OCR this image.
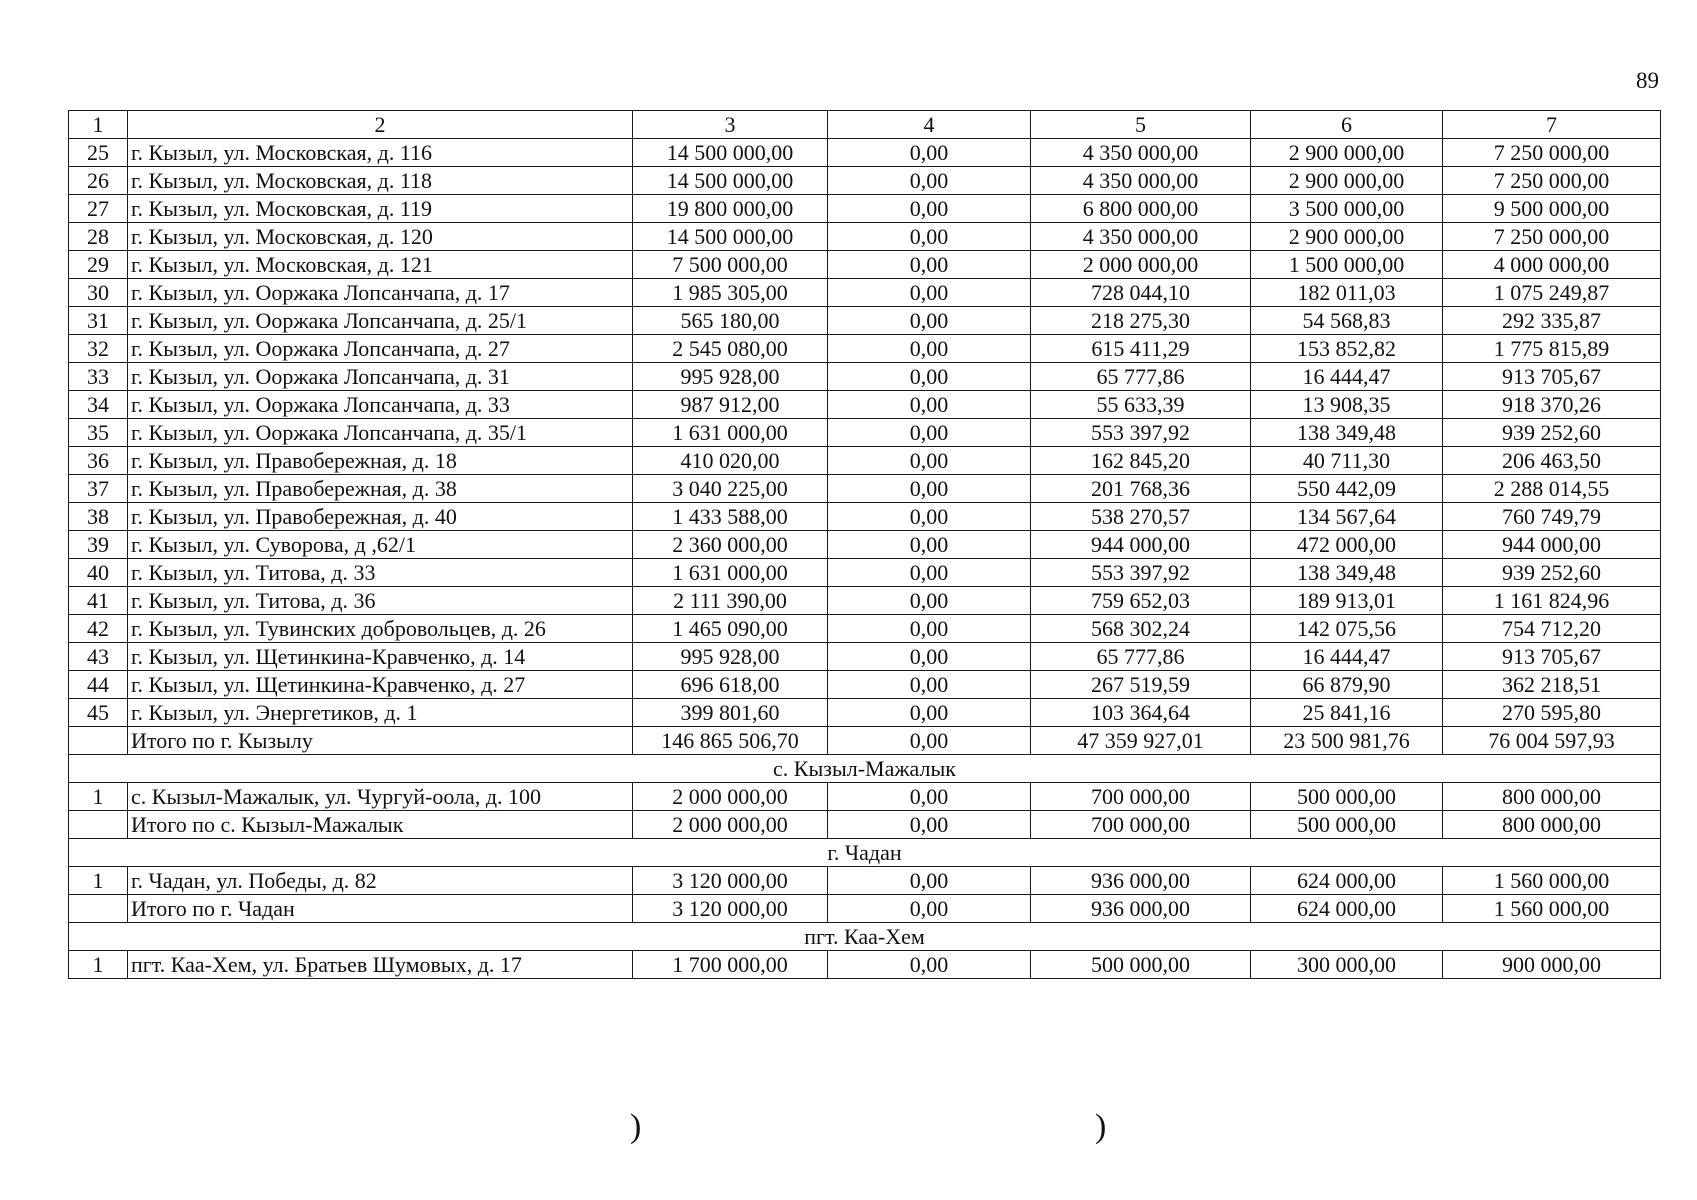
89
1	2	3	4	5	6	7
25	г. Кызыл, ул. Московская, д. 116	14 500 000,00	0,00	4 350 000,00	2 900 000,00	7 250 000,00
26	г. Кызыл, ул. Московская, д. 118	14 500 000,00	0,00	4 350 000,00	2 900 000,00	7 250 000,00
27	г. Кызыл, ул. Московская, д. 119	19 800 000,00	0,00	6 800 000,00	3 500 000,00	9 500 000,00
28	г. Кызыл, ул. Московская, д. 120	14 500 000,00	0,00	4 350 000,00	2 900 000,00	7 250 000,00
29	г. Кызыл, ул. Московская, д. 121	7 500 000,00	0,00	2 000 000,00	1 500 000,00	4 000 000,00
30	г. Кызыл, ул. Ооржака Лопсанчапа, д. 17	1 985 305,00	0,00	728 044,10	182 011,03	1 075 249,87
31	г. Кызыл, ул. Ооржака Лопсанчапа, д. 25/1	565 180,00	0,00	218 275,30	54 568,83	292 335,87
32	г. Кызыл, ул. Ооржака Лопсанчапа, д. 27	2 545 080,00	0,00	615 411,29	153 852,82	1 775 815,89
33	г. Кызыл, ул. Ооржака Лопсанчапа, д. 31	995 928,00	0,00	65 777,86	16 444,47	913 705,67
34	г. Кызыл, ул. Ооржака Лопсанчапа, д. 33	987 912,00	0,00	55 633,39	13 908,35	918 370,26
35	г. Кызыл, ул. Ооржака Лопсанчапа, д. 35/1	1 631 000,00	0,00	553 397,92	138 349,48	939 252,60
36	г. Кызыл, ул. Правобережная, д. 18	410 020,00	0,00	162 845,20	40 711,30	206 463,50
37	г. Кызыл, ул. Правобережная, д. 38	3 040 225,00	0,00	201 768,36	550 442,09	2 288 014,55
38	г. Кызыл, ул. Правобережная, д. 40	1 433 588,00	0,00	538 270,57	134 567,64	760 749,79
39	г. Кызыл, ул. Суворова, д ,62/1	2 360 000,00	0,00	944 000,00	472 000,00	944 000,00
40	г. Кызыл, ул. Титова, д. 33	1 631 000,00	0,00	553 397,92	138 349,48	939 252,60
41	г. Кызыл, ул. Титова, д. 36	2 111 390,00	0,00	759 652,03	189 913,01	1 161 824,96
42	г. Кызыл, ул. Тувинских добровольцев, д. 26	1 465 090,00	0,00	568 302,24	142 075,56	754 712,20
43	г. Кызыл, ул. Щетинкина-Кравченко, д. 14	995 928,00	0,00	65 777,86	16 444,47	913 705,67
44	г. Кызыл, ул. Щетинкина-Кравченко, д. 27	696 618,00	0,00	267 519,59	66 879,90	362 218,51
45	г. Кызыл, ул. Энергетиков, д. 1	399 801,60	0,00	103 364,64	25 841,16	270 595,80
	Итого по г. Кызылу	146 865 506,70	0,00	47 359 927,01	23 500 981,76	76 004 597,93
с. Кызыл-Мажалык						
1	с. Кызыл-Мажалык, ул. Чургуй-оола, д. 100	2 000 000,00	0,00	700 000,00	500 000,00	800 000,00
	Итого по с. Кызыл-Мажалык	2 000 000,00	0,00	700 000,00	500 000,00	800 000,00
г. Чадан						
1	г. Чадан, ул. Победы, д. 82	3 120 000,00	0,00	936 000,00	624 000,00	1 560 000,00
	Итого по г. Чадан	3 120 000,00	0,00	936 000,00	624 000,00	1 560 000,00
пгт. Каа-Хем						
1	пгт. Каа-Хем, ул. Братьев Шумовых, д. 17	1 700 000,00	0,00	500 000,00	300 000,00	900 000,00
)	)
